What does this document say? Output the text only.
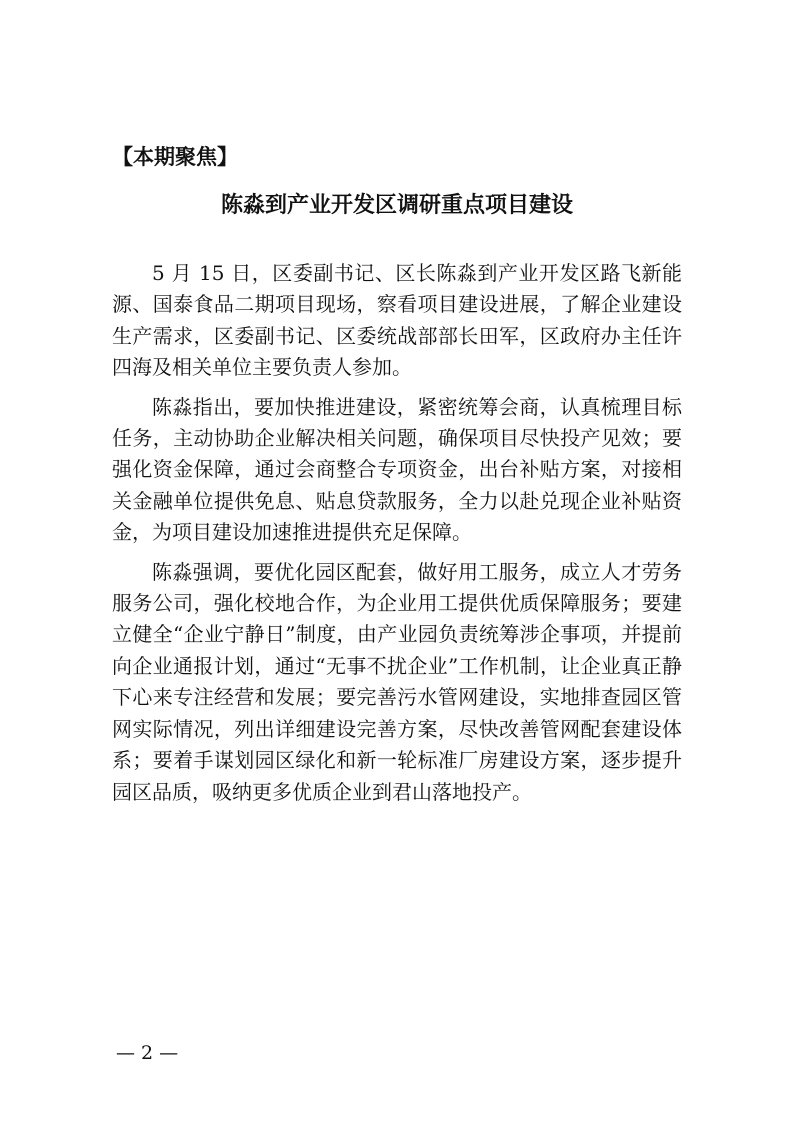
【本期聚焦】
陈淼到产业开发区调研重点项目建设

5 月 15 日，区委副书记、区长陈淼到产业开发区路飞新能源、国泰食品二期项目现场，察看项目建设进展，了解企业建设生产需求，区委副书记、区委统战部部长田军，区政府办主任许四海及相关单位主要负责人参加。

陈淼指出，要加快推进建设，紧密统筹会商，认真梳理目标任务，主动协助企业解决相关问题，确保项目尽快投产见效；要强化资金保障，通过会商整合专项资金，出台补贴方案，对接相关金融单位提供免息、贴息贷款服务，全力以赴兑现企业补贴资金，为项目建设加速推进提供充足保障。

陈淼强调，要优化园区配套，做好用工服务，成立人才劳务服务公司，强化校地合作，为企业用工提供优质保障服务；要建立健全“企业宁静日”制度，由产业园负责统筹涉企事项，并提前向企业通报计划，通过“无事不扰企业”工作机制，让企业真正静下心来专注经营和发展；要完善污水管网建设，实地排查园区管网实际情况，列出详细建设完善方案，尽快改善管网配套建设体系；要着手谋划园区绿化和新一轮标准厂房建设方案，逐步提升园区品质，吸纳更多优质企业到君山落地投产。

— 2 —
